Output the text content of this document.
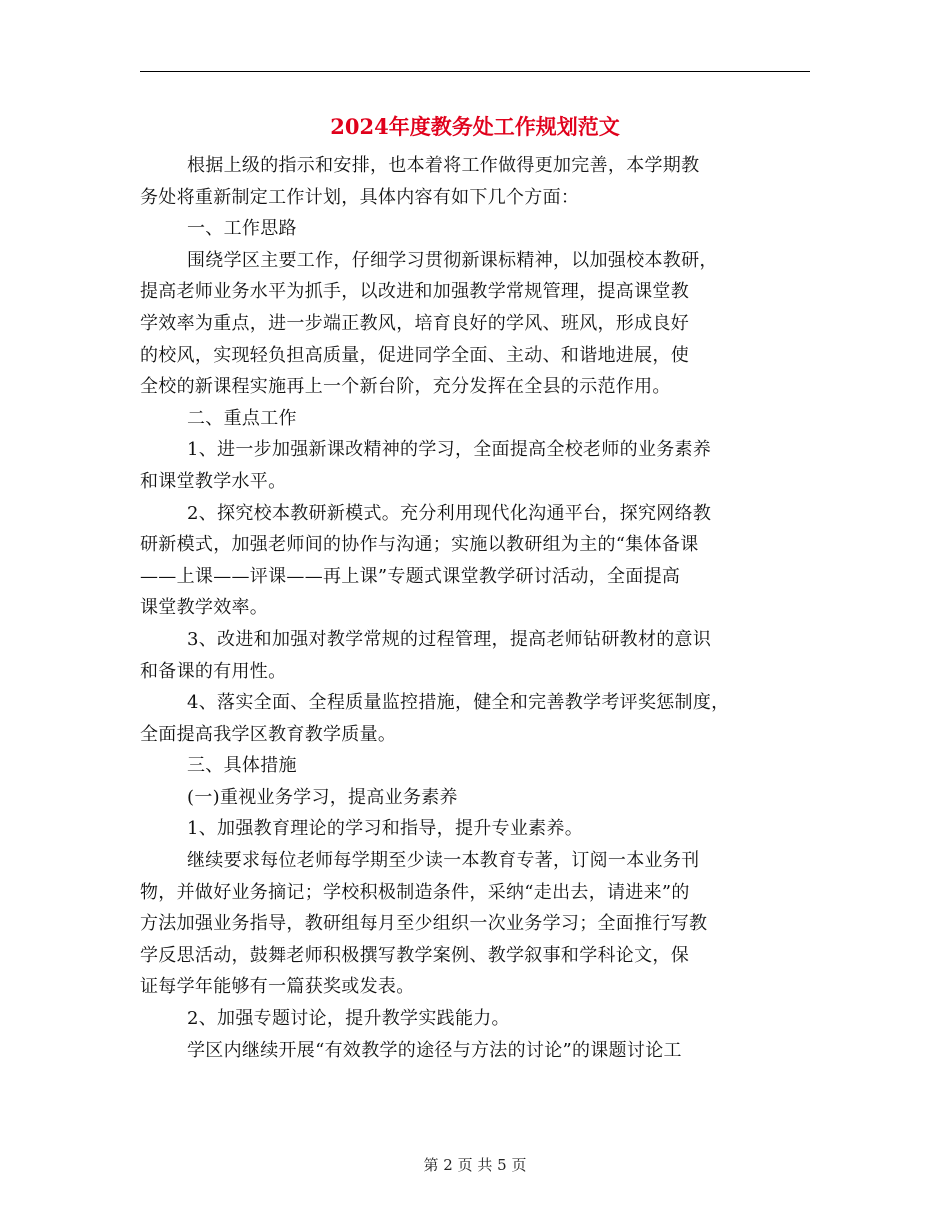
2024年度教务处工作规划范文
根据上级的指示和安排，也本着将工作做得更加完善，本学期教
务处将重新制定工作计划，具体内容有如下几个方面：
一、工作思路
围绕学区主要工作，仔细学习贯彻新课标精神，以加强校本教研，
提高老师业务水平为抓手，以改进和加强教学常规管理，提高课堂教
学效率为重点，进一步端正教风，培育良好的学风、班风，形成良好
的校风，实现轻负担高质量，促进同学全面、主动、和谐地进展，使
全校的新课程实施再上一个新台阶，充分发挥在全县的示范作用。
二、重点工作
1、进一步加强新课改精神的学习，全面提高全校老师的业务素养
和课堂教学水平。
2、探究校本教研新模式。充分利用现代化沟通平台，探究网络教
研新模式，加强老师间的协作与沟通；实施以教研组为主的“集体备课
——上课——评课——再上课”专题式课堂教学研讨活动，全面提高
课堂教学效率。
3、改进和加强对教学常规的过程管理，提高老师钻研教材的意识
和备课的有用性。
4、落实全面、全程质量监控措施，健全和完善教学考评奖惩制度，
全面提高我学区教育教学质量。
三、具体措施
(一)重视业务学习，提高业务素养
1、加强教育理论的学习和指导，提升专业素养。
继续要求每位老师每学期至少读一本教育专著，订阅一本业务刊
物，并做好业务摘记；学校积极制造条件，采纳“走出去，请进来”的
方法加强业务指导，教研组每月至少组织一次业务学习；全面推行写教
学反思活动，鼓舞老师积极撰写教学案例、教学叙事和学科论文，保
证每学年能够有一篇获奖或发表。
2、加强专题讨论，提升教学实践能力。
学区内继续开展“有效教学的途径与方法的讨论”的课题讨论工
第 2 页 共 5 页
